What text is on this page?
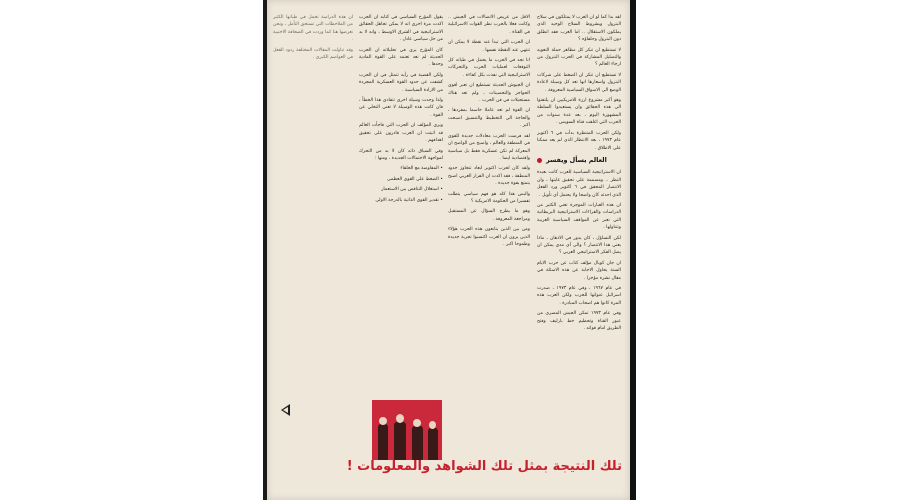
ان هذه الدراسة تحمل في طياتها الكثير من الملاحظات التي تستحق التأمل ، ونحن نعرضها هنا كما وردت في الصحافة الاجنبية .

وقد تناولت المقالات المختلفة ردود الفعل في العواصم الكبرى .

لقد بدا كما لو ان العرب لا يمتلكون في سلاح البترول وبشروط السلاح الوحيد الذي يملكون الاستقلال .. اما الغرب فقد انطلق دون البترول وحلفاؤه ؟

لا تستطيع ان تنكر كل مظاهر حملة التعويه والتضليل المشاركة في الحرب البترول من ارجاء العالم ؟

لا تستطيع ان تنكر ان الضغط على شركات البترول واسعارها انها تعد كل وسيلة لاعادة الوضع الى الاسواق السياسية المعروفة .

وهو أكبر مشروع ارزة للامريكيين ان يلتفتوا الى هذه الحقائق وان يستعيدوا السلطة المشهورة اليوم ، بعد عدة سنوات من الحرب التي اغلقت قناة السويس .

ولكن الحرب المنتظرة بدأت في ٦ اكتوبر عام ١٩٧٣ ، بعد الانتظار الذي لم يعد ممكنا على الاطلاق .

العالم يسأل ويفسر

ان الاستراتيجية السياسية للعرب كانت بعيدة النظر .. ومصممة على تحقيق غايتها ، وان الانتصار المحقق في ٦ اكتوبر ورد الفعل الذي احدثه كان واضحا ولا يحتمل أي تأويل .

ان هذه العبارات الموجزة تعني الكثير من الدراسات والقراءات الاستراتيجية البريطانية التي تعبر عن المواقف السياسية العربية وتتناولها .

لكن التساؤل ، كان يدور في الاذهان ، ماذا يعني هذا الانتصار ؟ والى أي مدى يمكن ان يصل الفكر الاستراتيجي العربي ؟

ان جان كوبال مؤلف كتاب عن حرب الايام الستة يحاول الاجابة عن هذه الاسئلة في مقال نشره مؤخرا .

في عام ١٩٦٧ ، وفي عام ١٩٧٣ ، صدرت اسرائيل عنوانها للحرب ولكن العرب هذه المرة كانوا هم اصحاب المبادرة .

وفي عام ١٩٧٣ تمكن الجيش المصري من عبور القناة وتحطيم خط بارليف وفتح الطريق امام قواته .

الاقل من عريض الاتصالات في الجيش .. وكانت فعلا بالحرب نظر القوات الاسرائيلية في القناة .

ان الحرب التي تبدأ عند نقطة لا يمكن ان تنتهي عند النقطة نفسها .

انا نجد في الحرب ما يحمل في طياته كل التوقعات لعمليات الحرب والتحركات الاستراتيجية التي نفذت بكل كفاءة .

ان الجيوش الحديثة تستطيع ان تعبر اقوى الحواجز والتحصينات ، ولم تعد هناك مستحيلات في فن الحرب .

ان القوة لم تعد عاملا حاسما بمفردها ، والحاجة الى التخطيط والتنسيق اصبحت اكبر .

لقد فرضت الحرب معادلات جديدة للقوى في المنطقة والعالم ، واصبح من الواضح ان المعركة لم تكن عسكرية فقط بل سياسية واقتصادية ايضا .

ولقد كان لحرب اكتوبر ابعاد تتجاوز حدود المنطقة ، فقد اكدت ان القرار العربي اصبح يتمتع بقوة جديدة .

والبس هذا كله هو فهم سياسي يتطلب تفسيرا من الحكومة الامريكية ؟

وهو ما يطرح السؤال عن المستقبل ومراجعة المعروفة .

ومن بين الذين يتابعون هذه الحرب هؤلاء الذين يرون ان العرب اكتسبوا تجربة جديدة وطموحا اكبر .

يقول المؤرخ السياسي في كتابه ان الحرب اكدت مرة اخرى انه لا يمكن تجاهل الحقائق الاستراتيجية في الشرق الاوسط ، وانه لا بد من حل سياسي عادل .

كان المؤرخ يرى في تحليلاته ان الحرب الحديثة لم تعد تعتمد على القوة المادية وحدها .

ولكن القضية في رأيه تتمثل في ان الحرب كشفت عن حدود القوة العسكرية المجردة من الارادة السياسية .

ولذا وجدت وسيلة اخرى تتفادى هذا الخطأ ، فان كانت هذه الوسيلة لا تعني التخلي عن القوة .

ويرى المؤلف ان الحرب التي فاجأت العالم قد اثبتت ان العرب قادرون على تحقيق اهدافهم .

وفي السياق ذاته كان لا بد من التحرك لمواجهة الاحتمالات الجديدة ، ومنها :

• المفاوضة مع الحلفاء

• الضغط على القوى العظمى

• استغلال التناقض بين الاستعمار

• تقدير القوى الذاتية بالدرجة الاولى

تلك النتيجة بمثل تلك الشواهد والمعلومات !
